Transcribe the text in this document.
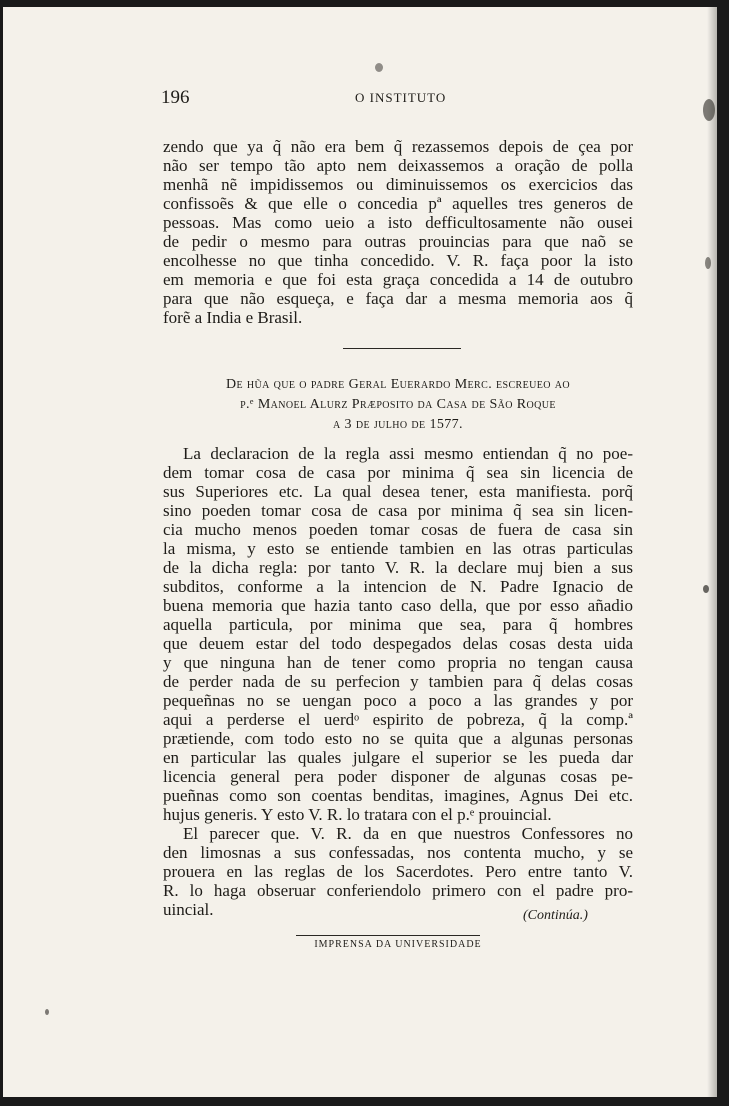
196	O INSTITUTO
zendo que ya q̃ não era bem q̃ rezassemos depois de çea por
não ser tempo tão apto nem deixassemos a oração de polla
menhã nẽ impidissemos ou diminuissemos os exercicios das
confissoẽs & que elle o concedia pª aquelles tres generos de
pessoas. Mas como ueio a isto defficultosamente não ousei
de pedir o mesmo para outras prouincias para que naõ se
encolhesse no que tinha concedido. V. R. faça poor la isto
em memoria e que foi esta graça concedida a 14 de outubro
para que não esqueça, e faça dar a mesma memoria aos q̃
forẽ a India e Brasil.
De hũa que o padre Geral Euerardo Merc. escreueo ao
p.ᵉ Manoel Alurz Præposito da Casa de São Roque
a 3 de julho de 1577.
La declaracion de la regla assi mesmo entiendan q̃ no poe-
dem tomar cosa de casa por minima q̃ sea sin licencia de
sus Superiores etc. La qual desea tener, esta manifiesta. porq̃
sino poeden tomar cosa de casa por minima q̃ sea sin licen-
cia mucho menos poeden tomar cosas de fuera de casa sin
la misma, y esto se entiende tambien en las otras particulas
de la dicha regla: por tanto V. R. la declare muj bien a sus
subditos, conforme a la intencion de N. Padre Ignacio de
buena memoria que hazia tanto caso della, que por esso añadio
aquella particula, por minima que sea, para q̃ hombres
que deuem estar del todo despegados delas cosas desta uida
y que ninguna han de tener como propria no tengan causa
de perder nada de su perfecion y tambien para q̃ delas cosas
pequeñnas no se uengan poco a poco a las grandes y por
aqui a perderse el uerdᵒ espirito de pobreza, q̃ la comp.ª
prætiende, com todo esto no se quita que a algunas personas
en particular las quales julgare el superior se les pueda dar
licencia general pera poder disponer de algunas cosas pe-
pueñnas como son coentas benditas, imagines, Agnus Dei etc.
hujus generis. Y esto V. R. lo tratara con el p.ᵉ prouincial.
El parecer que. V. R. da en que nuestros Confessores no
den limosnas a sus confessadas, nos contenta mucho, y se
prouera en las reglas de los Sacerdotes. Pero entre tanto V.
R. lo haga obseruar conferiendolo primero con el padre pro-
uincial.	(Continúa.)
IMPRENSA DA UNIVERSIDADE
